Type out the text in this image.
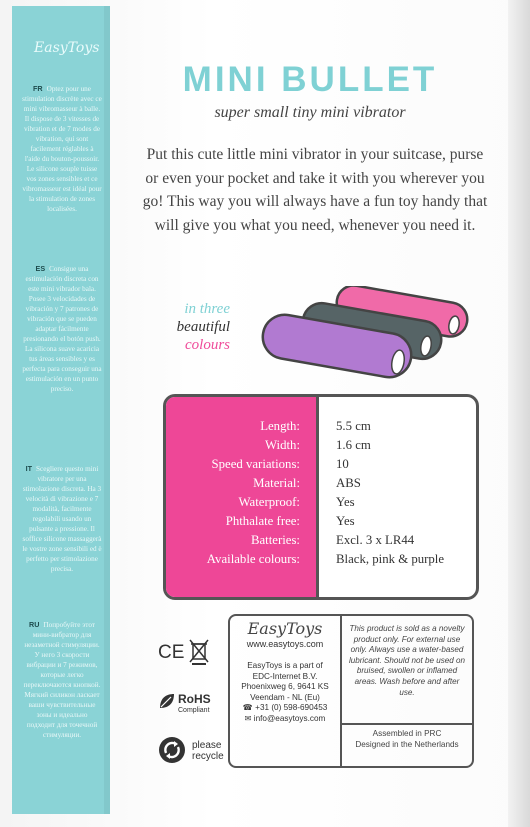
EasyToys
FR Optez pour une stimulation discrète avec ce mini vibromasseur à balle. Il dispose de 3 vitesses de vibration et de 7 modes de vibration, qui sont facilement réglables à l'aide du bouton-poussoir. Le silicone souple tuisse vos zones sensibles et ce vibromasseur est idéal pour la stimulation de zones localisées.
ES Consigue una estimulación discreta con este mini vibrador bala. Posee 3 velocidades de vibración y 7 patrones de vibración que se pueden adaptar fácilmente presionando el botón push. La silicona suave acaricia tus áreas sensibles y es perfecta para conseguir una estimulación en un punto preciso.
IT Scegliere questo mini vibratore per una stimolazione discreta. Ha 3 velocità di vibrazione e 7 modalità, facilmente regolabili usando un pulsante a pressione. Il soffice silicone massaggerà le vostre zone sensibili ed è perfetto per stimolazione precisa.
RU Попробуйте этот мини-вибратор для незаметной стимуляции. У него 3 скорости вибрации и 7 режимов, которые легко переключаются кнопкой. Мягкий силикон ласкает ваши чувствительные зоны и идеально подходит для точечной стимуляции.
MINI BULLET
super small tiny mini vibrator
Put this cute little mini vibrator in your suitcase, purse or even your pocket and take it with you wherever you go! This way you will always have a fun toy handy that will give you what you need, whenever you need it.
in three
beautiful
colours
Length:	5.5 cm
Width:	1.6 cm
Speed variations:	10
Material:	ABS
Waterproof:	Yes
Phthalate free:	Yes
Batteries:	Excl. 3 x LR44
Available colours:	Black, pink & purple
CE
RoHS
Compliant
please
recycle
EasyToys
www.easytoys.com
EasyToys is a part of
EDC-Internet B.V.
Phoenixweg 6, 9641 KS
Veendam - NL (Eu)
☎ +31 (0) 598-690453
✉ info@easytoys.com
This product is sold as a novelty product only. For external use only. Always use a water-based lubricant. Should not be used on bruised, swollen or inflamed areas. Wash before and after use.
Assembled in PRC
Designed in the Netherlands
